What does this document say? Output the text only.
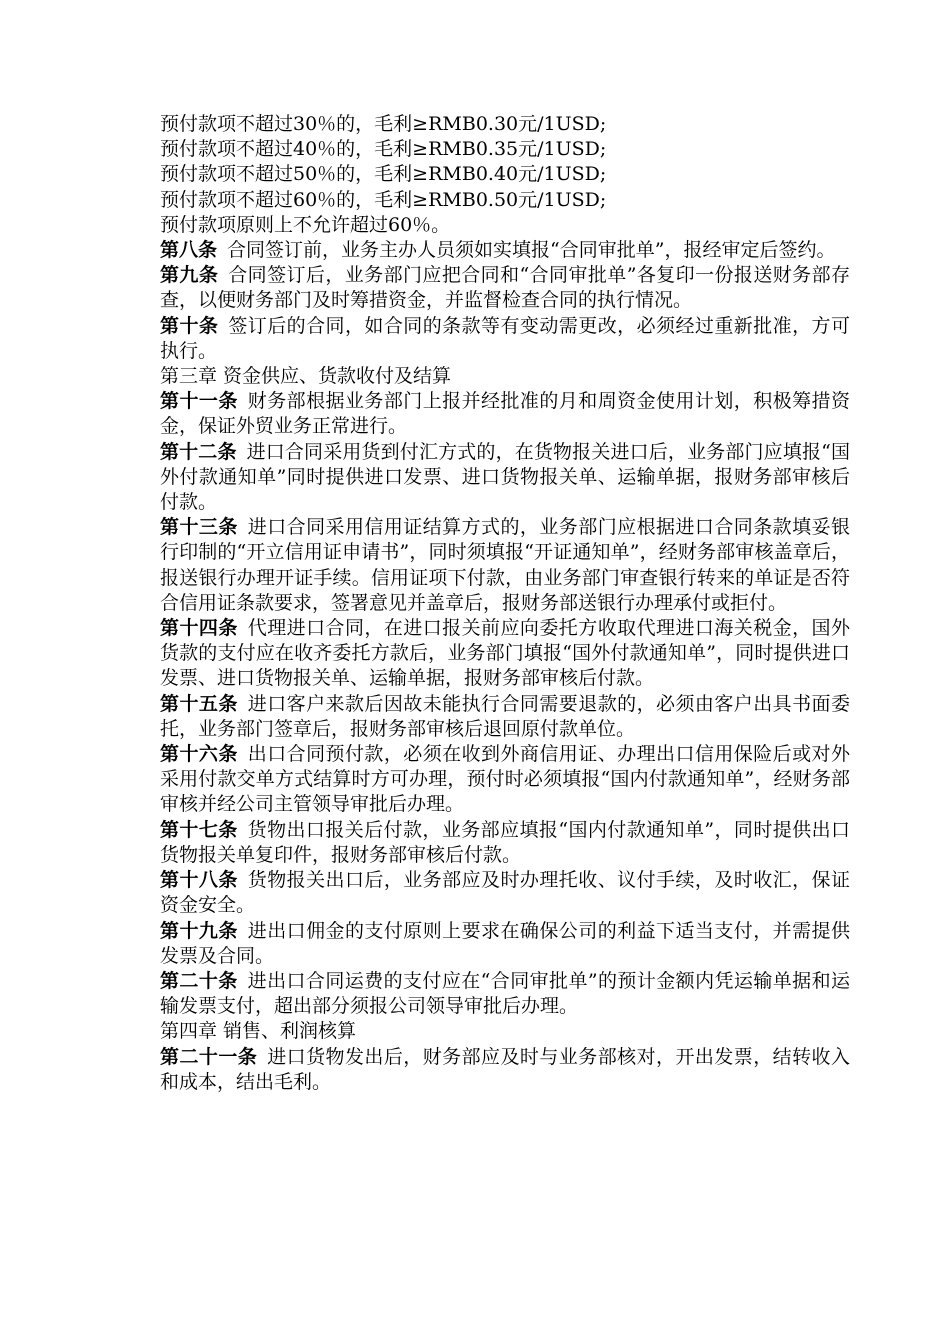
预付款项不超过30％的，毛利≥RMB0.30元/1USD;

预付款项不超过40％的，毛利≥RMB0.35元/1USD;

预付款项不超过50％的，毛利≥RMB0.40元/1USD;

预付款项不超过60％的，毛利≥RMB0.50元/1USD;

预付款项原则上不允许超过60％。

第八条 合同签订前，业务主办人员须如实填报“合同审批单”，报经审定后签约。

第九条 合同签订后，业务部门应把合同和“合同审批单”各复印一份报送财务部存查，以便财务部门及时筹措资金，并监督检查合同的执行情况。

第十条 签订后的合同，如合同的条款等有变动需更改，必须经过重新批准，方可执行。

第三章 资金供应、货款收付及结算

第十一条 财务部根据业务部门上报并经批准的月和周资金使用计划，积极筹措资金，保证外贸业务正常进行。

第十二条 进口合同采用货到付汇方式的，在货物报关进口后，业务部门应填报“国外付款通知单”同时提供进口发票、进口货物报关单、运输单据，报财务部审核后付款。

第十三条 进口合同采用信用证结算方式的，业务部门应根据进口合同条款填妥银行印制的“开立信用证申请书”，同时须填报“开证通知单”，经财务部审核盖章后，报送银行办理开证手续。信用证项下付款，由业务部门审查银行转来的单证是否符合信用证条款要求，签署意见并盖章后，报财务部送银行办理承付或拒付。

第十四条 代理进口合同，在进口报关前应向委托方收取代理进口海关税金，国外货款的支付应在收齐委托方款后，业务部门填报“国外付款通知单”，同时提供进口发票、进口货物报关单、运输单据，报财务部审核后付款。

第十五条 进口客户来款后因故未能执行合同需要退款的，必须由客户出具书面委托，业务部门签章后，报财务部审核后退回原付款单位。

第十六条 出口合同预付款，必须在收到外商信用证、办理出口信用保险后或对外采用付款交单方式结算时方可办理，预付时必须填报“国内付款通知单”，经财务部审核并经公司主管领导审批后办理。

第十七条 货物出口报关后付款，业务部应填报“国内付款通知单”，同时提供出口货物报关单复印件，报财务部审核后付款。

第十八条 货物报关出口后，业务部应及时办理托收、议付手续，及时收汇，保证资金安全。

第十九条 进出口佣金的支付原则上要求在确保公司的利益下适当支付，并需提供发票及合同。

第二十条 进出口合同运费的支付应在“合同审批单”的预计金额内凭运输单据和运输发票支付，超出部分须报公司领导审批后办理。

第四章 销售、利润核算

第二十一条 进口货物发出后，财务部应及时与业务部核对，开出发票，结转收入和成本，结出毛利。
